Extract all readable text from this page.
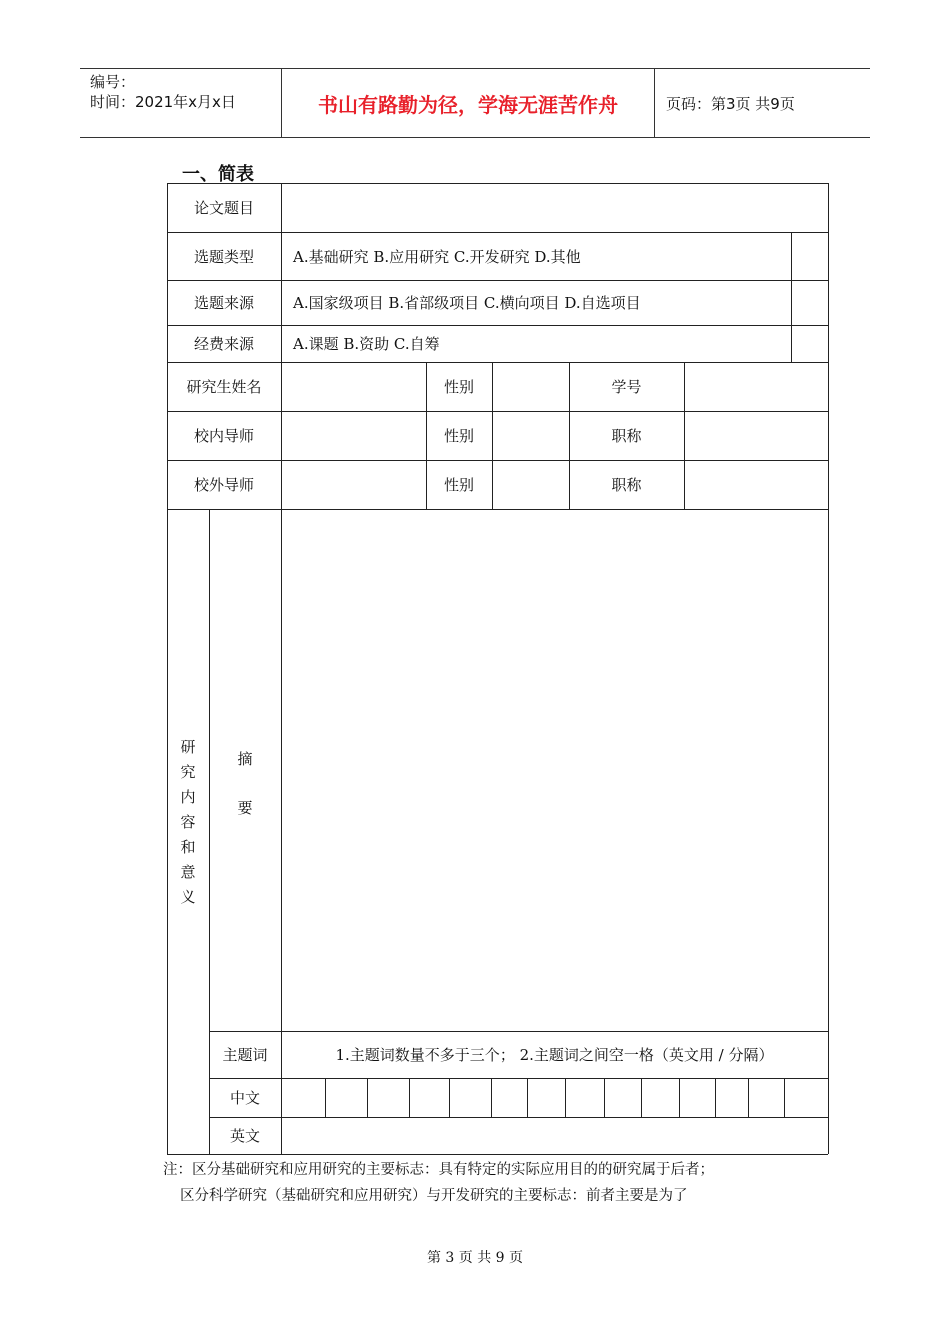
编号：
时间：2021年x月x日	书山有路勤为径，学海无涯苦作舟	页码：第3页 共9页
一、简表
论文题目
选题类型	A.基础研究 B.应用研究 C.开发研究 D.其他
选题来源	A.国家级项目 B.省部级项目 C.横向项目 D.自选项目
经费来源	A.课题 B.资助 C.自筹
研究生姓名	性别	学号
校内导师	性别	职称
校外导师	性别	职称
研究内容和意义
摘要
主题词	1.主题词数量不多于三个； 2.主题词之间空一格（英文用 / 分隔）
中文
英文
注：区分基础研究和应用研究的主要标志：具有特定的实际应用目的的研究属于后者；
区分科学研究（基础研究和应用研究）与开发研究的主要标志：前者主要是为了
第 3 页 共 9 页
